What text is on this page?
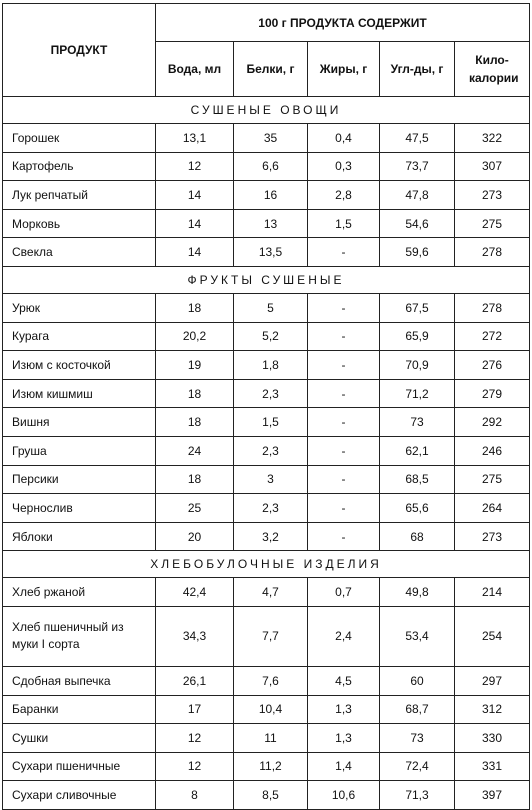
ПРОДУКТ	100 г ПРОДУКТА СОДЕРЖИТ				
	Вода, мл	Белки, г	Жиры, г	Угл-ды, г	Кило-калории
СУШЕНЫЕ ОВОЩИ					
Горошек	13,1	35	0,4	47,5	322
Картофель	12	6,6	0,3	73,7	307
Лук репчатый	14	16	2,8	47,8	273
Морковь	14	13	1,5	54,6	275
Свекла	14	13,5	-	59,6	278
ФРУКТЫ СУШЕНЫЕ					
Урюк	18	5	-	67,5	278
Курага	20,2	5,2	-	65,9	272
Изюм с косточкой	19	1,8	-	70,9	276
Изюм кишмиш	18	2,3	-	71,2	279
Вишня	18	1,5	-	73	292
Груша	24	2,3	-	62,1	246
Персики	18	3	-	68,5	275
Чернослив	25	2,3	-	65,6	264
Яблоки	20	3,2	-	68	273
ХЛЕБОБУЛОЧНЫЕ ИЗДЕЛИЯ					
Хлеб ржаной	42,4	4,7	0,7	49,8	214
Хлеб пшеничный из муки I сорта	34,3	7,7	2,4	53,4	254
Сдобная выпечка	26,1	7,6	4,5	60	297
Баранки	17	10,4	1,3	68,7	312
Сушки	12	11	1,3	73	330
Сухари пшеничные	12	11,2	1,4	72,4	331
Сухари сливочные	8	8,5	10,6	71,3	397
